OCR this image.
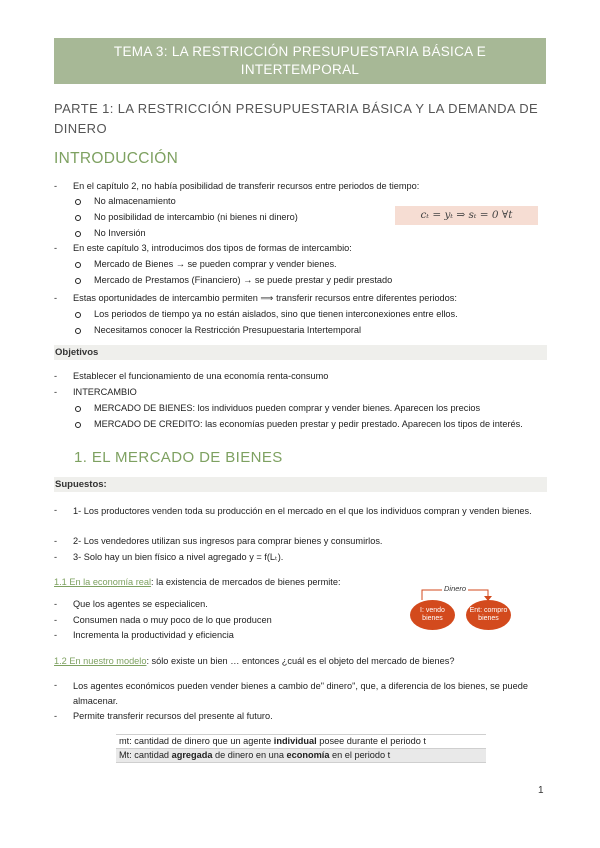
TEMA 3: LA RESTRICCIÓN PRESUPUESTARIA BÁSICA E INTERTEMPORAL
PARTE 1: LA RESTRICCIÓN PRESUPUESTARIA BÁSICA Y LA DEMANDA DE DINERO
INTRODUCCIÓN
- En el capítulo 2, no había posibilidad de transferir recursos entre periodos de tiempo:
No almacenamiento
No posibilidad de intercambio (ni bienes ni dinero)
No Inversión
cₜ = yₜ ⇒ sₜ = 0 ∀t
- En este capítulo 3, introducimos dos tipos de formas de intercambio:
Mercado de Bienes → se pueden comprar y vender bienes.
Mercado de Prestamos (Financiero) → se puede prestar y pedir prestado
- Estas oportunidades de intercambio permiten ⟹ transferir recursos entre diferentes periodos:
Los periodos de tiempo ya no están aislados, sino que tienen interconexiones entre ellos.
Necesitamos conocer la Restricción Presupuestaria Intertemporal
Objetivos
- Establecer el funcionamiento de una economía renta-consumo
- INTERCAMBIO
MERCADO DE BIENES: los individuos pueden comprar y vender bienes. Aparecen los precios
MERCADO DE CREDITO: las economías pueden prestar y pedir prestado. Aparecen los tipos de interés.
1. EL MERCADO DE BIENES
Supuestos:
- 1- Los productores venden toda su producción en el mercado en el que los individuos compran y venden bienes.
- 2- Los vendedores utilizan sus ingresos para comprar bienes y consumirlos.
- 3- Solo hay un bien físico a nivel agregado y = f(Lₜ).
1.1 En la economía real: la existencia de mercados de bienes permite:
- Que los agentes se especialicen.
- Consumen nada o muy poco de lo que producen
- Incrementa la productividad y eficiencia
Dinero
I: vendo bienes
Ent: compro bienes
1.2 En nuestro modelo: sólo existe un bien … entonces ¿cuál es el objeto del mercado de bienes?
- Los agentes económicos pueden vender bienes a cambio de" dinero", que, a diferencia de los bienes, se puede almacenar.
- Permite transferir recursos del presente al futuro.
mt: cantidad de dinero que un agente individual posee durante el periodo t
Mt: cantidad agregada de dinero en una economía en el periodo t
1
